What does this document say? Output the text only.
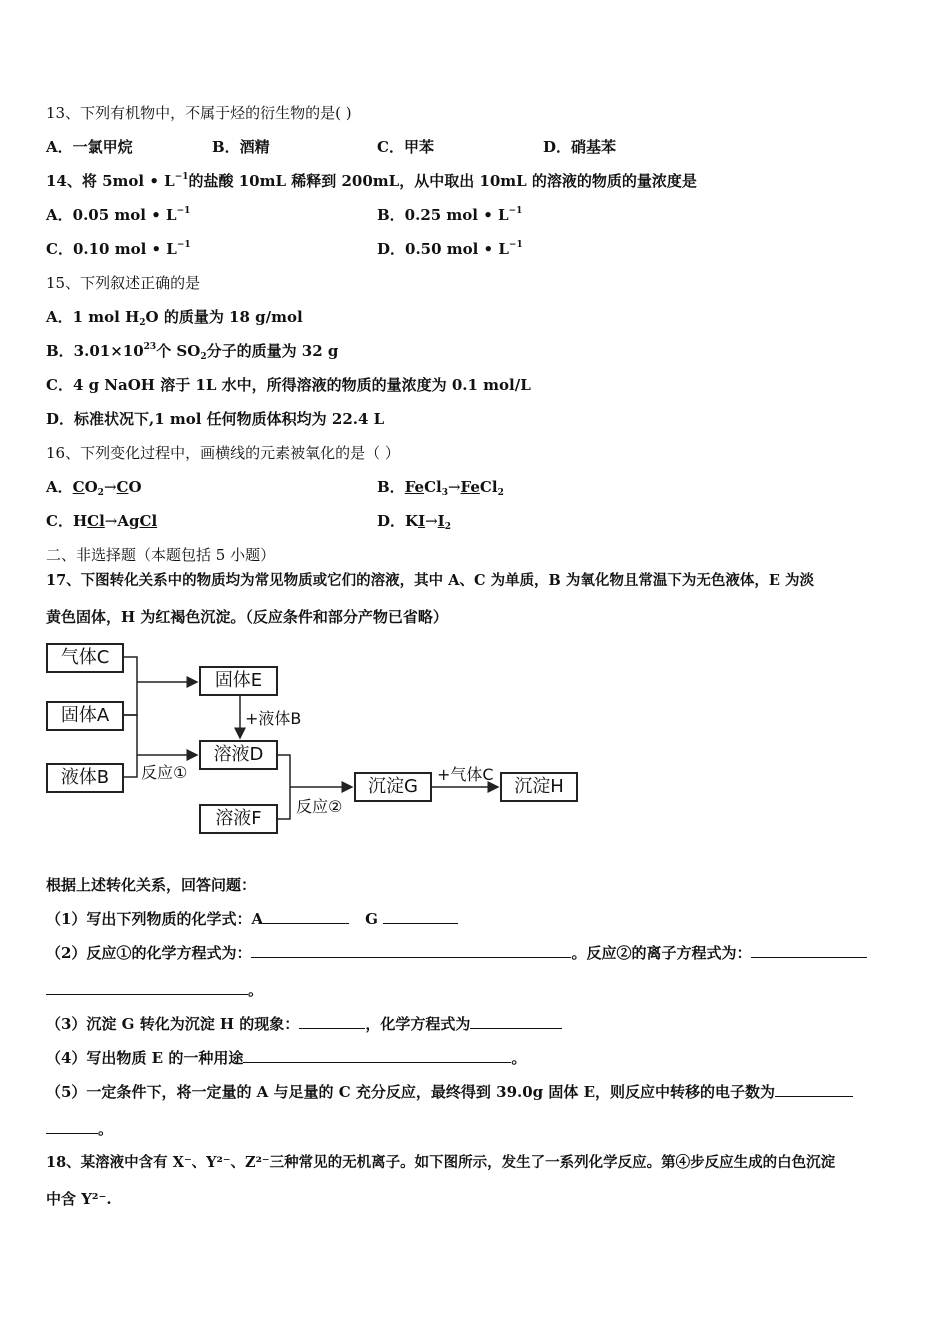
13、下列有机物中，不属于烃的衍生物的是( )
A．一氯甲烷	B．酒精	C．甲苯	D．硝基苯
14、将 5mol • $L^{-1}$的盐酸 10mL 稀释到 200mL，从中取出 10mL 的溶液的物质的量浓度是
A．0.05 mol • $L^{-1}$	B．0.25 mol • $L^{-1}$
C．0.10 mol • $L^{-1}$	D．0.50 mol • $L^{-1}$
15、下列叙述正确的是
A．1 mol $H_2O$ 的质量为 18 g/mol
B．$3.01\times 10^{23}$个 $SO_2$分子的质量为 32 g
C．4 g NaOH 溶于 1L 水中，所得溶液的物质的量浓度为 0.1 mol/L
D．标准状况下,1 mol 任何物质体积均为 22.4 L
16、下列变化过程中，画横线的元素被氧化的是（ ）
A．$CO_2\to CO$	B．FeCl$_3$→FeCl$_2$
C．HCl→AgCl	D．$KI\to I_2$
二、非选择题（本题包括 5 小题）
17、下图转化关系中的物质均为常见物质或它们的溶液，其中 A、C 为单质，B 为氧化物且常温下为无色液体，E 为淡
黄色固体，H 为红褐色沉淀。（反应条件和部分产物已省略）
气体C
固体A
液体B
固体E
+液体B
溶液D
反应①
溶液F
反应②
沉淀G
+气体C
沉淀H
根据上述转化关系，回答问题：
（1）写出下列物质的化学式：A	G
（2）反应①的化学方程式为：	。反应②的离子方程式为：
。
（3）沉淀 G 转化为沉淀 H 的现象：	，化学方程式为
（4）写出物质 E 的一种用途	。
（5）一定条件下，将一定量的 A 与足量的 C 充分反应，最终得到 39.0g 固体 E，则反应中转移的电子数为
。
18、某溶液中含有 X⁻、Y²⁻、Z²⁻三种常见的无机离子。如下图所示，发生了一系列化学反应。第④步反应生成的白色沉淀
中含 Y²⁻.
